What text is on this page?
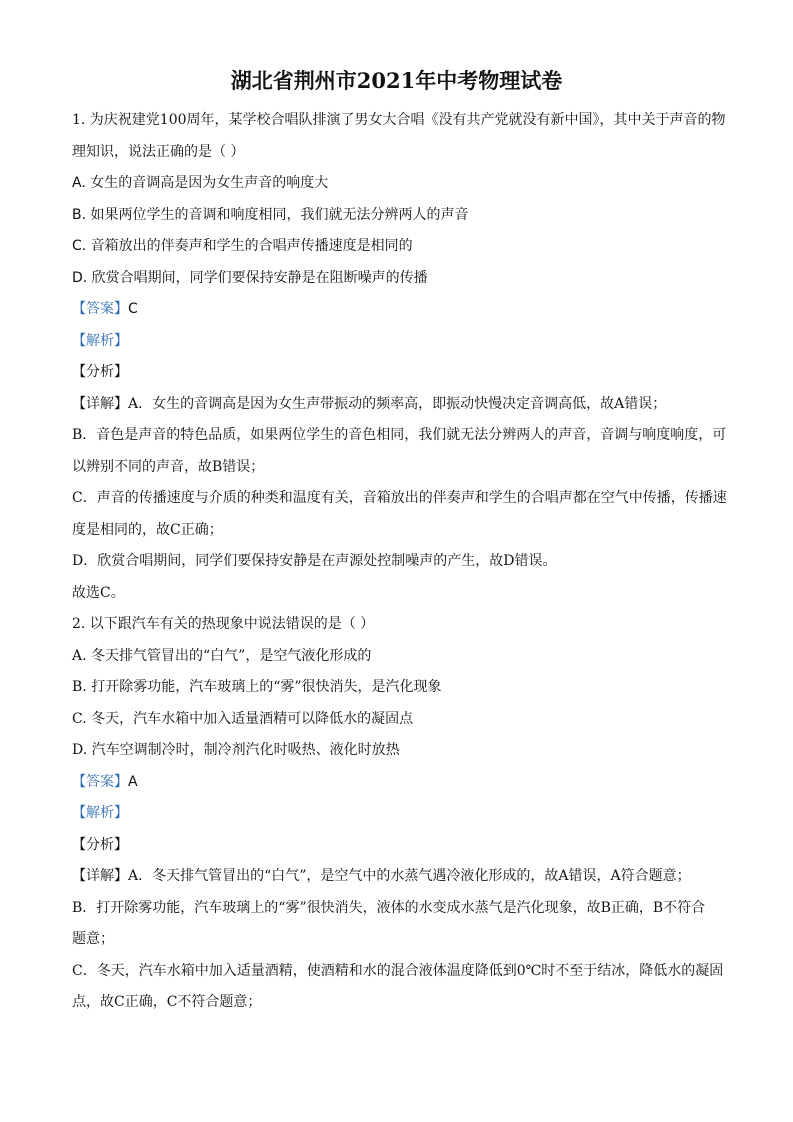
湖北省荆州市2021年中考物理试卷
1. 为庆祝建党100周年，某学校合唱队排演了男女大合唱《没有共产党就没有新中国》，其中关于声音的物
理知识，说法正确的是（ ）
A. 女生的音调高是因为女生声音的响度大
B. 如果两位学生的音调和响度相同，我们就无法分辨两人的声音
C. 音箱放出的伴奏声和学生的合唱声传播速度是相同的
D. 欣赏合唱期间，同学们要保持安静是在阻断噪声的传播
【答案】C
【解析】
【分析】
【详解】A．女生的音调高是因为女生声带振动的频率高，即振动快慢决定音调高低，故A错误；
B．音色是声音的特色品质，如果两位学生的音色相同，我们就无法分辨两人的声音，音调与响度响度，可
以辨别不同的声音，故B错误；
C．声音的传播速度与介质的种类和温度有关，音箱放出的伴奏声和学生的合唱声都在空气中传播，传播速
度是相同的，故C正确；
D．欣赏合唱期间，同学们要保持安静是在声源处控制噪声的产生，故D错误。
故选C。
2. 以下跟汽车有关的热现象中说法错误的是（ ）
A. 冬天排气管冒出的“白气”，是空气液化形成的
B. 打开除雾功能，汽车玻璃上的“雾”很快消失，是汽化现象
C. 冬天，汽车水箱中加入适量酒精可以降低水的凝固点
D. 汽车空调制冷时，制冷剂汽化时吸热、液化时放热
【答案】A
【解析】
【分析】
【详解】A．冬天排气管冒出的“白气”，是空气中的水蒸气遇冷液化形成的，故A错误，A符合题意；
B．打开除雾功能，汽车玻璃上的“雾”很快消失，液体的水变成水蒸气是汽化现象，故B正确，B不符合
题意；
C．冬天，汽车水箱中加入适量酒精，使酒精和水的混合液体温度降低到0℃时不至于结冰，降低水的凝固
点，故C正确，C不符合题意；
